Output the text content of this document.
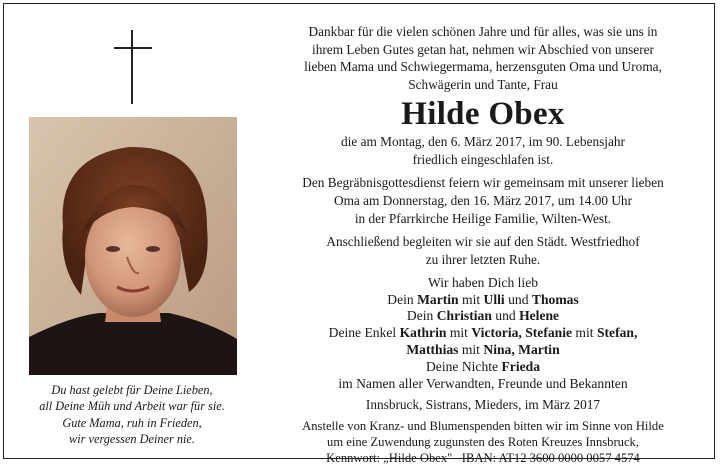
Du hast gelebt für Deine Lieben,
all Deine Müh und Arbeit war für sie.
Gute Mama, ruh in Frieden,
wir vergessen Deiner nie.
Dankbar für die vielen schönen Jahre und für alles, was sie uns in
ihrem Leben Gutes getan hat, nehmen wir Abschied von unserer
lieben Mama und Schwiegermama, herzensguten Oma und Uroma,
Schwägerin und Tante, Frau
Hilde Obex
die am Montag, den 6. März 2017, im 90. Lebensjahr
friedlich eingeschlafen ist.
Den Begräbnisgottesdienst feiern wir gemeinsam mit unserer lieben
Oma am Donnerstag, den 16. März 2017, um 14.00 Uhr
in der Pfarrkirche Heilige Familie, Wilten-West.
Anschließend begleiten wir sie auf den Städt. Westfriedhof
zu ihrer letzten Ruhe.
Wir haben Dich lieb
Dein Martin mit Ulli und Thomas
Dein Christian und Helene
Deine Enkel Kathrin mit Victoria, Stefanie mit Stefan,
Matthias mit Nina, Martin
Deine Nichte Frieda
im Namen aller Verwandten, Freunde und Bekannten
Innsbruck, Sistrans, Mieders, im März 2017
Anstelle von Kranz- und Blumenspenden bitten wir im Sinne von Hilde
um eine Zuwendung zugunsten des Roten Kreuzes Innsbruck,
Kennwort: „Hilde Obex" IBAN: AT12 3600 0000 0057 4574
